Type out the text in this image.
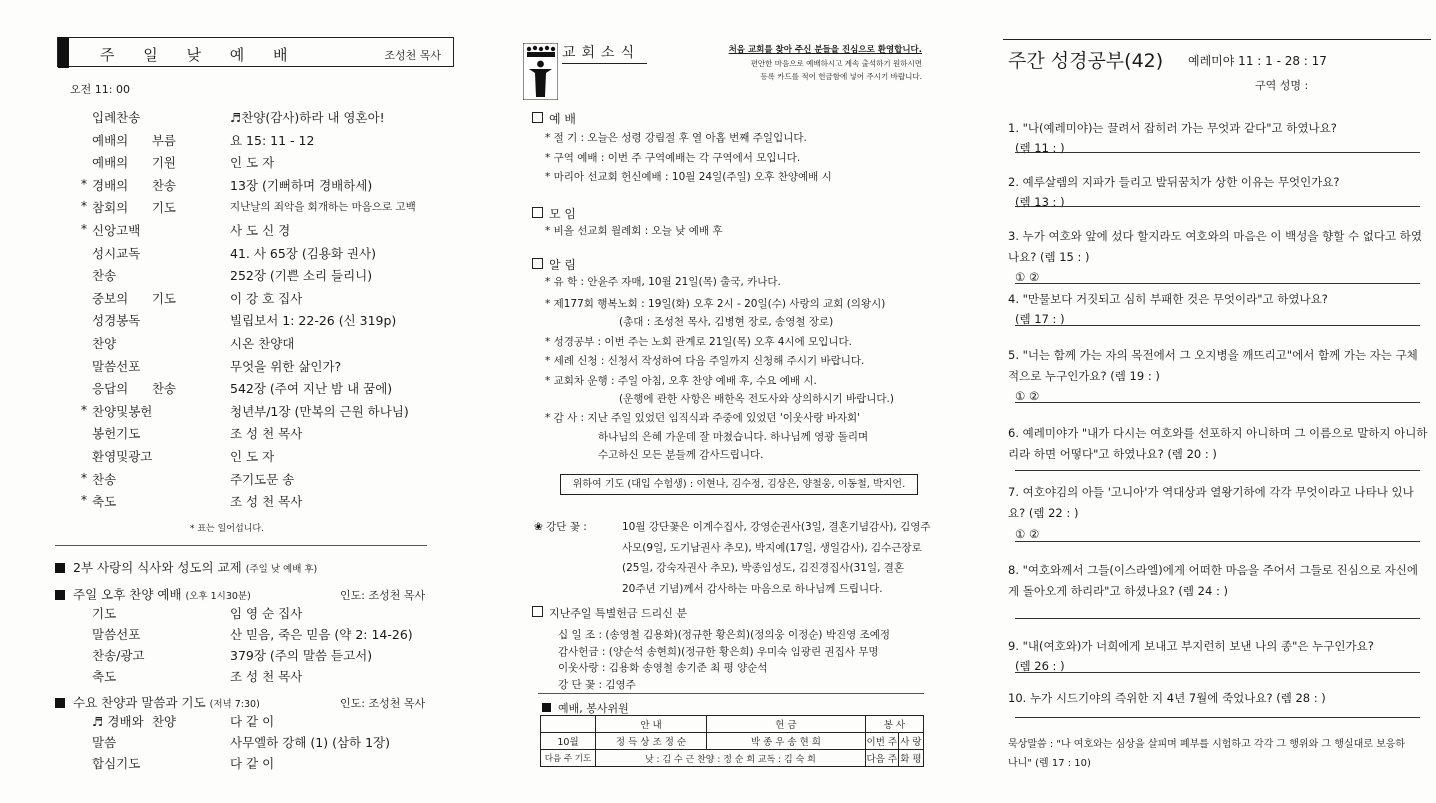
주 일 낮 예 배	조성천 목사
오전 11: 00
입례찬송	♬찬양(감사)하라 내 영혼아!
예배의 부름	요 15: 11 - 12
예배의 기원	인 도 자
* 경배의 찬송	13장 (기뻐하며 경배하세)
* 참회의 기도	지난날의 죄악을 회개하는 마음으로 고백
* 신앙고백	사 도 신 경
성시교독	41. 사 65장 (김용화 권사)
찬송	252장 (기쁜 소리 들리니)
중보의 기도	이 강 호 집사
성경봉독	빌립보서 1: 22-26 (신 319p)
찬양	시온 찬양대
말씀선포	무엇을 위한 삶인가?
응답의 찬송	542장 (주여 지난 밤 내 꿈에)
* 찬양및봉헌	청년부/1장 (만복의 근원 하나님)
봉헌기도	조 성 천 목사
환영및광고	인 도 자
* 찬송	주기도문 송
* 축도	조 성 천 목사
* 표는 일어섭니다.
2부 사랑의 식사와 성도의 교제 (주일 낮 예배 후)
주일 오후 찬양 예배 (오후 1시30분)	인도: 조성천 목사
기도	임 영 순 집사
말씀선포	산 믿음, 죽은 믿음 (약 2: 14-26)
찬송/광고	379장 (주의 말씀 듣고서)
축도	조 성 천 목사
수요 찬양과 말씀과 기도 (저녁 7:30)	인도: 조성천 목사
♬경배와 찬양	다 같 이
말씀	사무엘하 강해 (1) (삼하 1장)
합심기도	다 같 이
교회소식	처음 교회를 찾아 주신 분들을 진심으로 환영합니다.
편안한 마음으로 예배하시고 계속 출석하기 원하시면
등록 카드를 적어 헌금함에 넣어 주시기 바랍니다.
예 배
* 절 기 : 오늘은 성령 강림절 후 열 아홉 번째 주일입니다.
* 구역 예배 : 이번 주 구역예배는 각 구역에서 모입니다.
* 마리아 선교회 헌신예배 : 10월 24일(주일) 오후 찬양예배 시
모 임
* 비올 선교회 월례회 : 오늘 낮 예배 후
알 림
* 유 학 : 안윤주 자매, 10월 21일(목) 출국, 카나다.
* 제177회 행복노회 : 19일(화) 오후 2시 - 20일(수) 사랑의 교회 (의왕시)
(총대 : 조성천 목사, 김병현 장로, 송영철 장로)
* 성경공부 : 이번 주는 노회 관계로 21일(목) 오후 4시에 모입니다.
* 세례 신청 : 신청서 작성하여 다음 주일까지 신청해 주시기 바랍니다.
* 교회차 운행 : 주일 아침, 오후 찬양 예배 후, 수요 예배 시.
(운행에 관한 사항은 배한옥 전도사와 상의하시기 바랍니다.)
* 감 사 : 지난 주일 있었던 임직식과 주중에 있었던 '이웃사랑 바자회'
하나님의 은혜 가운데 잘 마쳤습니다. 하나님께 영광 돌리며
수고하신 모든 분들께 감사드립니다.
위하여 기도 (대입 수험생) : 이현나, 김수정, 김상은, 양철웅, 이동철, 박지언.
❀ 강단 꽃 :	10월 강단꽃은 이계수집사, 강영순권사(3일, 결혼기념감사), 김영주
사모(9일, 도기남권사 추모), 박지예(17일, 생일감사), 김수근장로
(25일, 강숙자권사 추모), 박종임성도, 김진경집사(31일, 결혼
20주년 기념)께서 감사하는 마음으로 하나님께 드립니다.
지난주일 특별헌금 드리신 분
십 일 조 : (송영철 김용화)(정규한 황은희)(정의웅 이정순) 박진영 조예정
감사헌금 : (양순석 송현희)(정규한 황은희) 우미숙 임광린 권집사 무명
이웃사랑 : 김용화 송영철 송기준 최 평 양순석
강 단 꽃 : 김영주
예배, 봉사위원
	안 내	헌 금	봉 사	
10월	정 득 상 조 정 순	박 종 우 송 현 희	이번 주	사 랑
다음 주 기도	낮 : 김 수 근 찬양 : 정 순 희 교독 : 김 숙 희		다음 주	화 평
주간 성경공부(42) 예레미야 11 : 1 - 28 : 17
구역 성명 :
1. "나(예레미야)는 끌려서 잡히러 가는 무엇과 같다"고 하였나요?
(렘 11 : )
2. 예루살렘의 지파가 들리고 발뒤꿈치가 상한 이유는 무엇인가요?
(렘 13 : )
3. 누가 여호와 앞에 섰다 할지라도 여호와의 마음은 이 백성을 향할 수 없다고 하였나요? (렘 15 : )
① ②
4. "만물보다 거짓되고 심히 부패한 것은 무엇이라"고 하였나요?
(렘 17 : )
5. "너는 함께 가는 자의 목전에서 그 오지병을 깨뜨리고"에서 함께 가는 자는 구체적으로 누구인가요? (렘 19 : )
① ②
6. 예레미야가 "내가 다시는 여호와를 선포하지 아니하며 그 이름으로 말하지 아니하리라 하면 어떻다"고 하였나요? (렘 20 : )
7. 여호야김의 아들 '고니아'가 역대상과 열왕기하에 각각 무엇이라고 나타나 있나요? (렘 22 : )
① ②
8. "여호와께서 그들(이스라엘)에게 어떠한 마음을 주어서 그들로 진심으로 자신에게 돌아오게 하리라"고 하셨나요? (렘 24 : )
9. "내(여호와)가 너희에게 보내고 부지런히 보낸 나의 종"은 누구인가요?
(렘 26 : )
10. 누가 시드기야의 즉위한 지 4년 7월에 죽었나요? (렘 28 : )
묵상말씀 : "나 여호와는 심상을 살피며 폐부를 시험하고 각각 그 행위와 그 행실대로 보응하나니" (렘 17 : 10)
